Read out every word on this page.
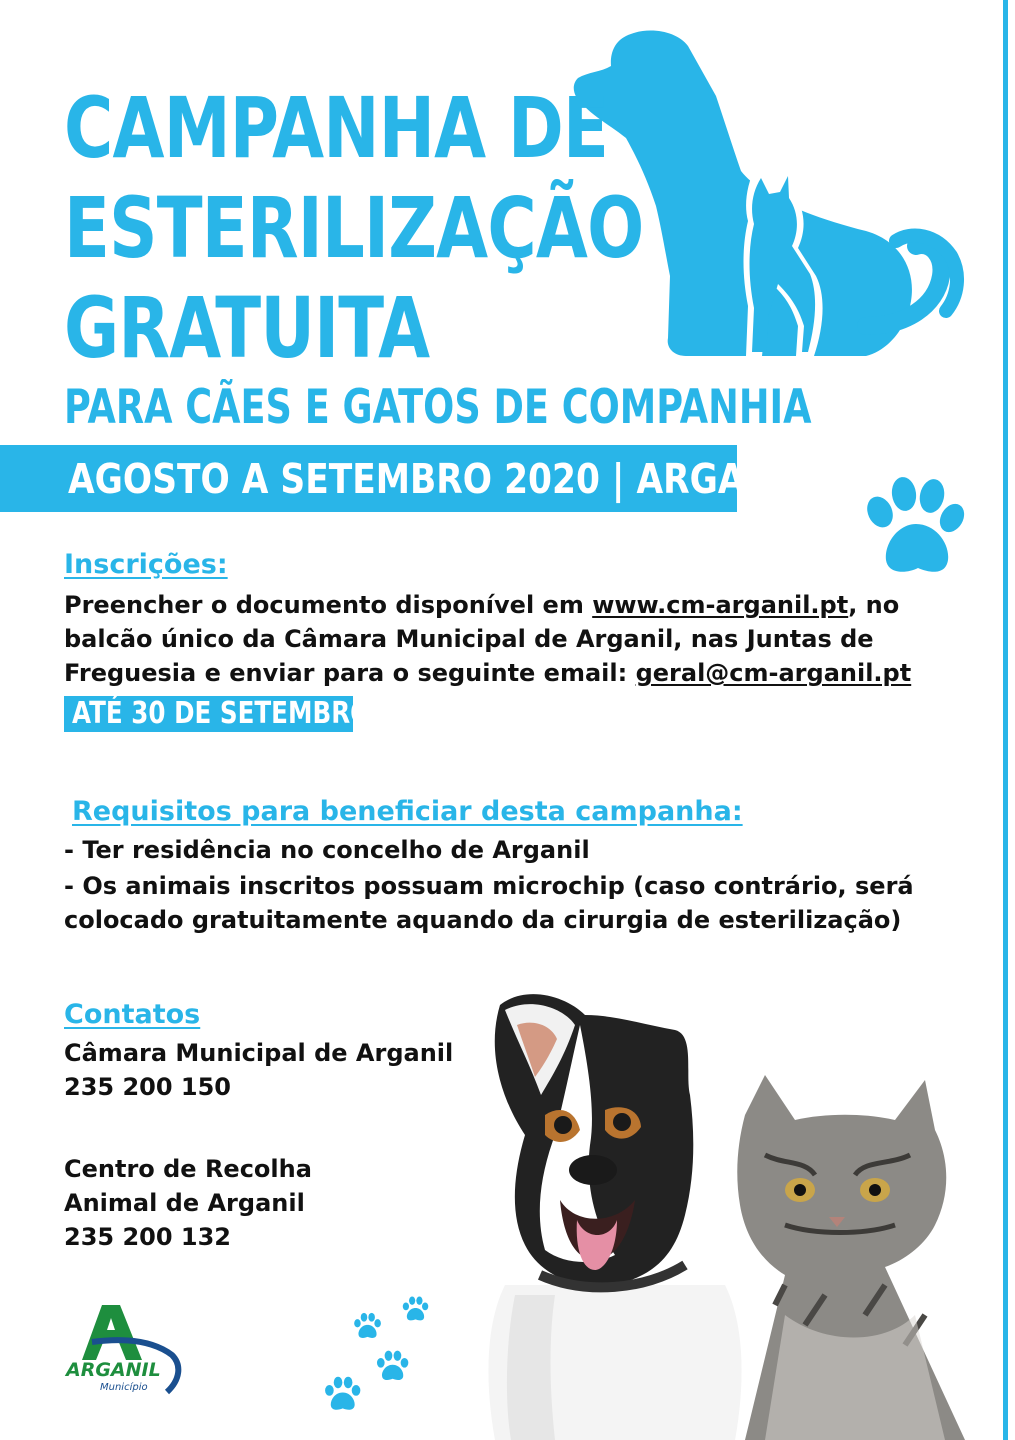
CAMPANHA DE
ESTERILIZAÇÃO
GRATUITA
PARA CÃES E GATOS DE COMPANHIA
AGOSTO A SETEMBRO 2020 | ARGANIL
Inscrições:
Preencher o documento disponível em www.cm-arganil.pt, no
balcão único da Câmara Municipal de Arganil, nas Juntas de
Freguesia e enviar para o seguinte email: geral@cm-arganil.pt
ATÉ 30 DE SETEMBRO
Requisitos para beneficiar desta campanha:
- Ter residência no concelho de Arganil
- Os animais inscritos possuam microchip (caso contrário, será
colocado gratuitamente aquando da cirurgia de esterilização)
Contatos
Câmara Municipal de Arganil
235 200 150
Centro de Recolha
Animal de Arganil
235 200 132
ARGANIL
Município
